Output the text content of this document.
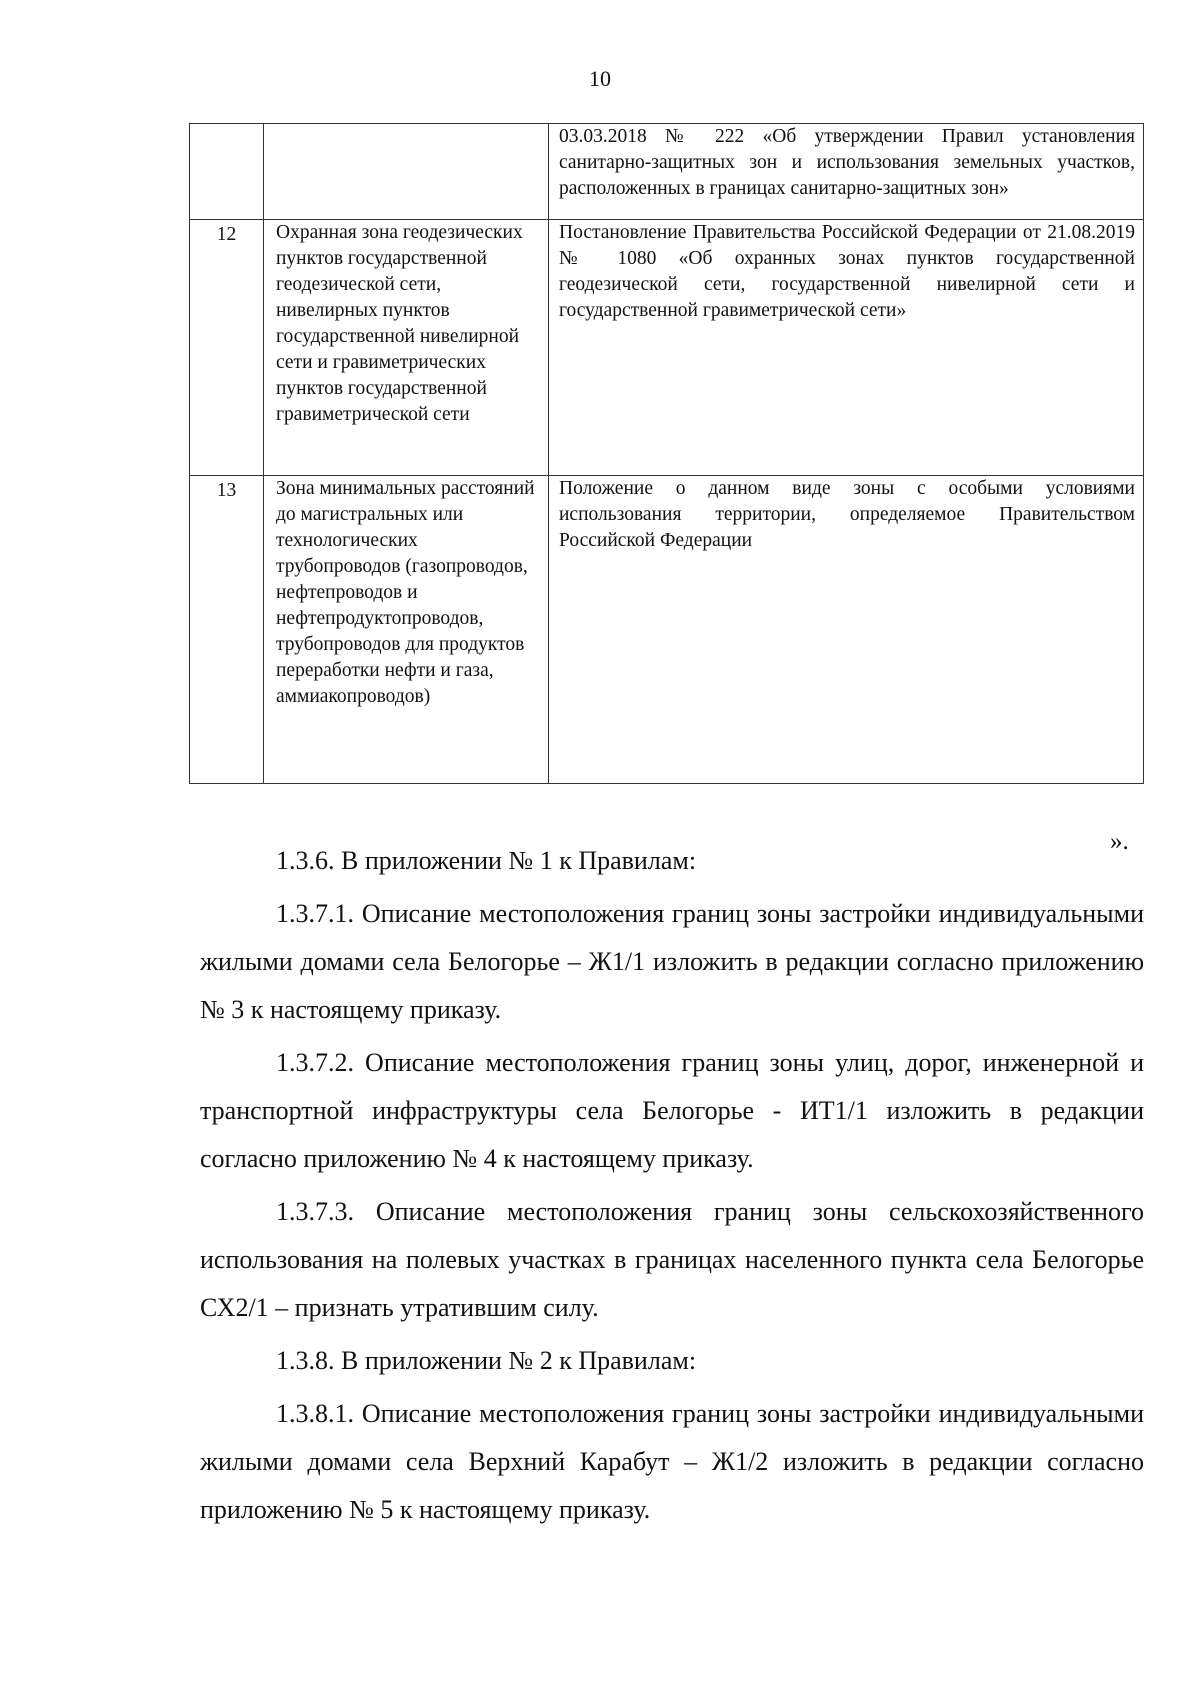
10
		03.03.2018 № 222 «Об утверждении Правил установления санитарно-защитных зон и использования земельных участков, расположенных в границах санитарно-защитных зон»
12	Охранная зона геодезических пунктов государственной геодезической сети, нивелирных пунктов государственной нивелирной сети и гравиметрических пунктов государственной гравиметрической сети	Постановление Правительства Российской Федерации от 21.08.2019 № 1080 «Об охранных зонах пунктов государственной геодезической сети, государственной нивелирной сети и государственной гравиметрической сети»
13	Зона минимальных расстояний до магистральных или технологических трубопроводов (газопроводов, нефтепроводов и нефтепродуктопроводов, трубопроводов для продуктов переработки нефти и газа, аммиакопроводов)	Положение о данном виде зоны с особыми условиями использования территории, определяемое Правительством Российской Федерации
».

1.3.6. В приложении № 1 к Правилам:

1.3.7.1. Описание местоположения границ зоны застройки индивидуальными жилыми домами села Белогорье – Ж1/1 изложить в редакции согласно приложению № 3 к настоящему приказу.

1.3.7.2. Описание местоположения границ зоны улиц, дорог, инженерной и транспортной инфраструктуры села Белогорье - ИТ1/1 изложить в редакции согласно приложению № 4 к настоящему приказу.

1.3.7.3. Описание местоположения границ зоны сельскохозяйственного использования на полевых участках в границах населенного пункта села Белогорье СХ2/1 – признать утратившим силу.

1.3.8. В приложении № 2 к Правилам:

1.3.8.1. Описание местоположения границ зоны застройки индивидуальными жилыми домами села Верхний Карабут – Ж1/2 изложить в редакции согласно приложению № 5 к настоящему приказу.
